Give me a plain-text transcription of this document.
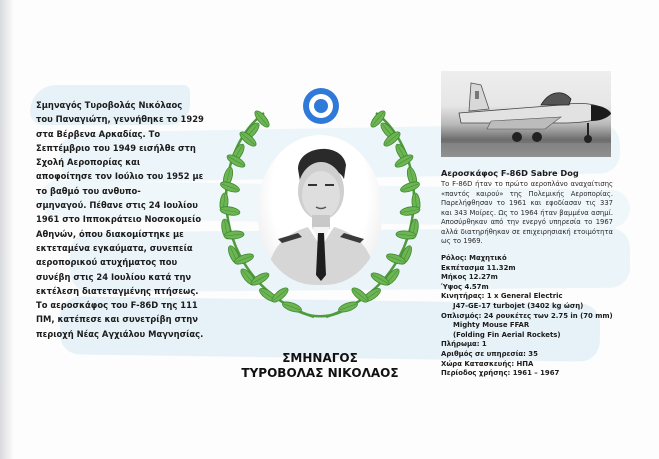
Σμηναγός Τυροβολάς Νικόλαος

του Παναγιώτη, γεννήθηκε το 1929

στα Βέρβενα Αρκαδίας. Το

Σεπτέμβριο του 1949 εισήλθε στη

Σχολή Αεροπορίας και

αποφοίτησε τον Ιούλιο του 1952 με

το βαθμό του ανθυπο-

σμηναγού. Πέθανε στις 24 Ιουλίου

1961 στο Ιπποκράτειο Νοσοκομείο

Αθηνών, όπου διακομίστηκε με

εκτεταμένα εγκαύματα, συνεπεία

αεροπορικού ατυχήματος που

συνέβη στις 24 Ιουλίου κατά την

εκτέλεση διατεταγμένης πτήσεως.

Το αεροσκάφος του F-86D της 111

ΠΜ, κατέπεσε και συνετρίβη στην

περιοχή Νέας Αγχιάλου Μαγνησίας.

ΣΜΗΝΑΓΟΣ
ΤΥΡΟΒΟΛΑΣ ΝΙΚΟΛΑΟΣ
Αεροσκάφος F-86D Sabre Dog
Το F-86D ήταν το πρώτο αεροπλάνο αναχαίτισης «παντός καιρού» της Πολεμικής Αεροπορίας. Παρελήφθησαν το 1961 και εφοδίασαν τις 337 και 343 Μοίρες. Ως το 1964 ήταν βαμμένα ασημί. Αποσύρθηκαν από την ενεργό υπηρεσία το 1967 αλλά διατηρήθηκαν σε επιχειρησιακή ετοιμότητα ως το 1969.
Ρόλος: Μαχητικό
Εκπέτασμα 11.32m
Μήκος 12.27m
Ύψος 4.57m
Κινητήρας: 1 x General Electric
J47-GE-17 turbojet (3402 kg ώση)
Οπλισμός: 24 ρουκέτες των 2.75 in (70 mm)
Mighty Mouse FFAR
(Folding Fin Aerial Rockets)
Πλήρωμα: 1
Αριθμός σε υπηρεσία: 35
Χώρα Κατασκευής: ΗΠΑ
Περίοδος χρήσης: 1961 – 1967
